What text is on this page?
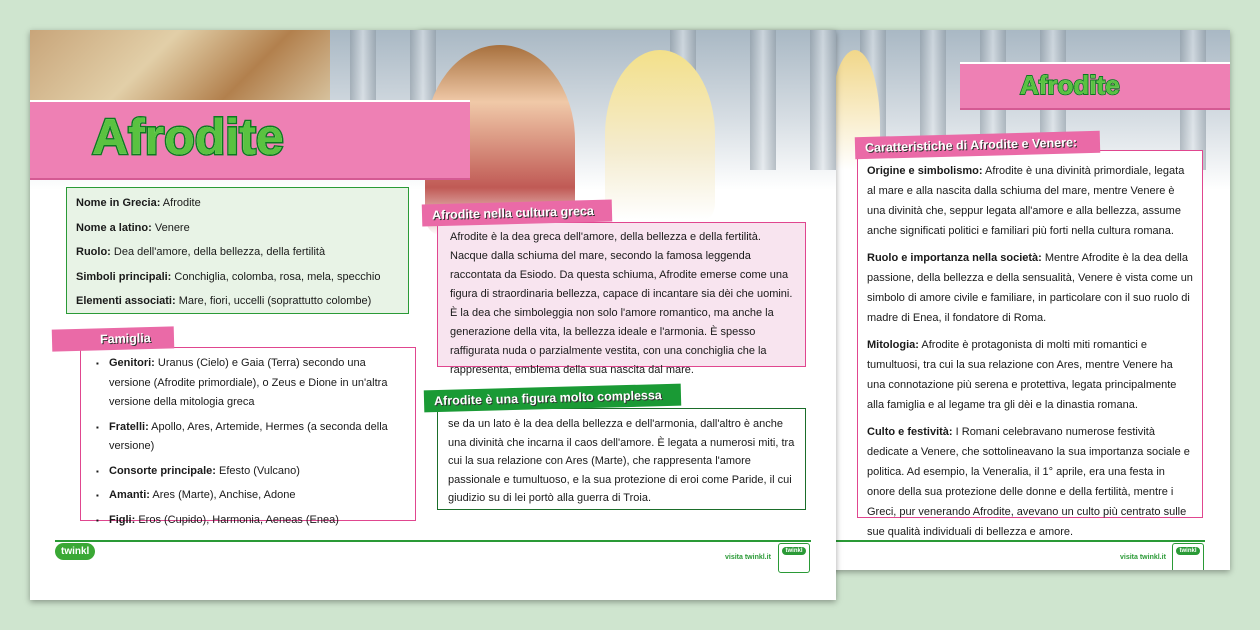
Afrodite

Origine e simbolismo: Afrodite è una divinità primordiale, legata al mare e alla nascita dalla schiuma del mare, mentre Venere è una divinità che, seppur legata all'amore e alla bellezza, assume anche significati politici e familiari più forti nella cultura romana.

Ruolo e importanza nella società: Mentre Afrodite è la dea della passione, della bellezza e della sensualità, Venere è vista come un simbolo di amore civile e familiare, in particolare con il suo ruolo di madre di Enea, il fondatore di Roma.

Mitologia: Afrodite è protagonista di molti miti romantici e tumultuosi, tra cui la sua relazione con Ares, mentre Venere ha una connotazione più serena e protettiva, legata principalmente alla famiglia e al legame tra gli dèi e la dinastia romana.

Culto e festività: I Romani celebravano numerose festività dedicate a Venere, che sottolineavano la sua importanza sociale e politica. Ad esempio, la Veneralia, il 1° aprile, era una festa in onore della sua protezione delle donne e della fertilità, mentre i Greci, pur venerando Afrodite, avevano un culto più centrato sulle sue qualità individuali di bellezza e amore.

Caratteristiche di Afrodite e Venere:
visita twinkl.it
twinkl
Afrodite

Nome in Grecia: Afrodite

Nome a latino: Venere

Ruolo: Dea dell'amore, della bellezza, della fertilità

Simboli principali: Conchiglia, colomba, rosa, mela, specchio

Elementi associati: Mare, fiori, uccelli (soprattutto colombe)

▪ Genitori: Uranus (Cielo) e Gaia (Terra) secondo una versione (Afrodite primordiale), o Zeus e Dione in un'altra versione della mitologia greca
▪ Fratelli: Apollo, Ares, Artemide, Hermes (a seconda della versione)
▪ Consorte principale: Efesto (Vulcano)
▪ Amanti: Ares (Marte), Anchise, Adone
▪ Figli: Eros (Cupido), Harmonia, Aeneas (Enea)
Famiglia

Afrodite è la dea greca dell'amore, della bellezza e della fertilità. Nacque dalla schiuma del mare, secondo la famosa leggenda raccontata da Esiodo. Da questa schiuma, Afrodite emerse come una figura di straordinaria bellezza, capace di incantare sia dèi che uomini. È la dea che simboleggia non solo l'amore romantico, ma anche la generazione della vita, la bellezza ideale e l'armonia. È spesso raffigurata nuda o parzialmente vestita, con una conchiglia che la rappresenta, emblema della sua nascita dal mare.

Afrodite nella cultura greca

se da un lato è la dea della bellezza e dell'armonia, dall'altro è anche una divinità che incarna il caos dell'amore. È legata a numerosi miti, tra cui la sua relazione con Ares (Marte), che rappresenta l'amore passionale e tumultuoso, e la sua protezione di eroi come Paride, il cui giudizio su di lei portò alla guerra di Troia.

Afrodite è una figura molto complessa
twinkl
visita twinkl.it
twinkl
